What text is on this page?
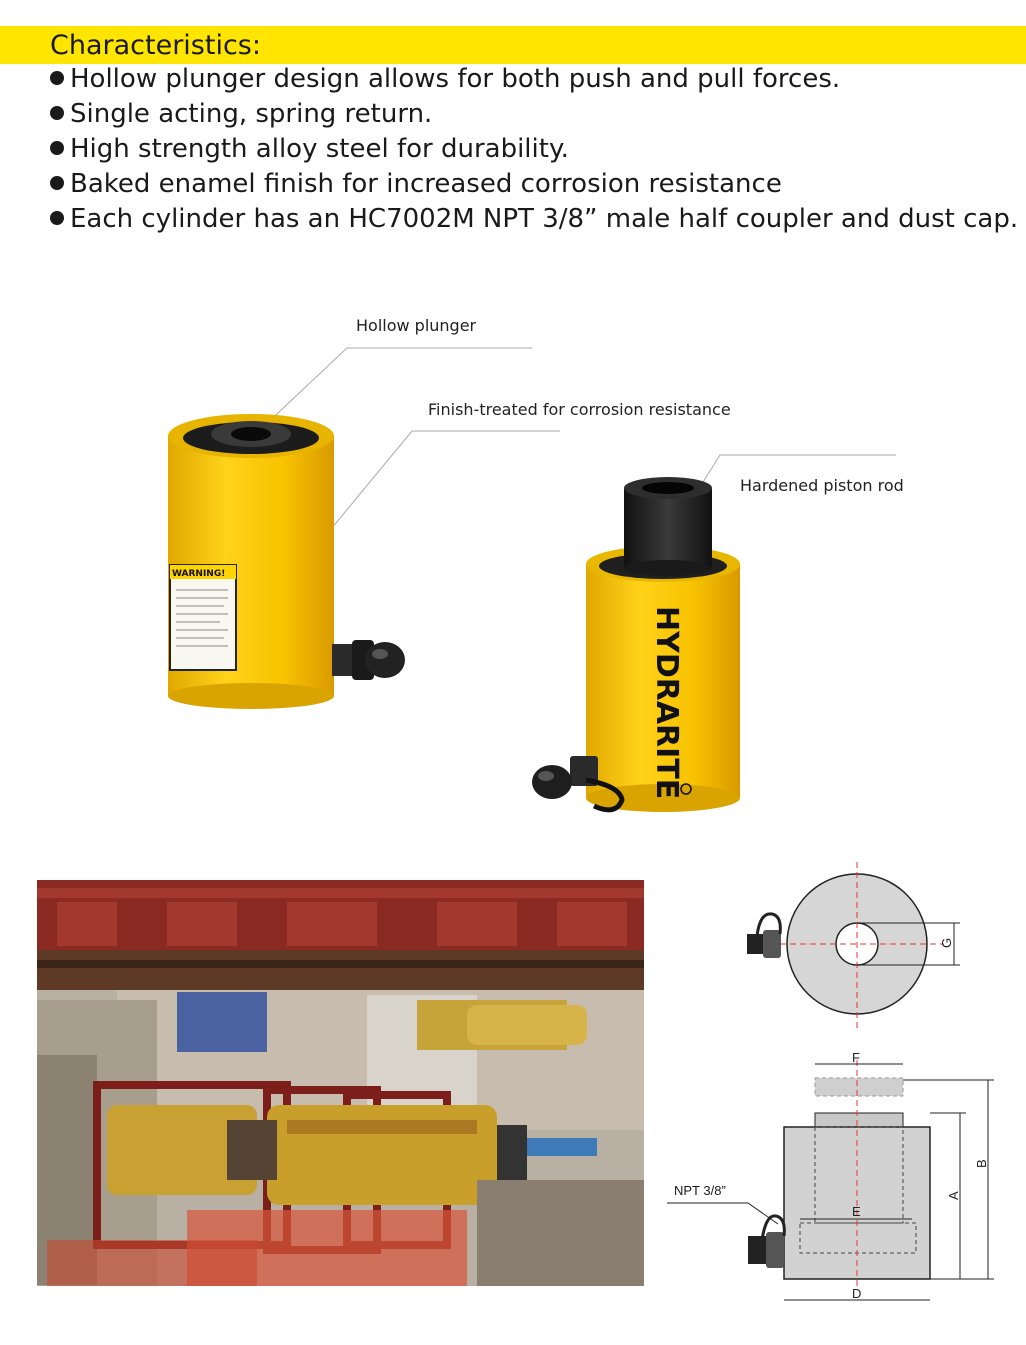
Characteristics:
Hollow plunger design allows for both push and pull forces.
Single acting, spring return.
High strength alloy steel for durability.
Baked enamel finish for increased corrosion resistance
Each cylinder has an HC7002M NPT 3/8” male half coupler and dust cap.
Hollow plunger
Finish-treated for corrosion resistance
Hardened piston rod
WARNING!
HYDRARITE
G
F
E
D
A
B
NPT 3/8”
